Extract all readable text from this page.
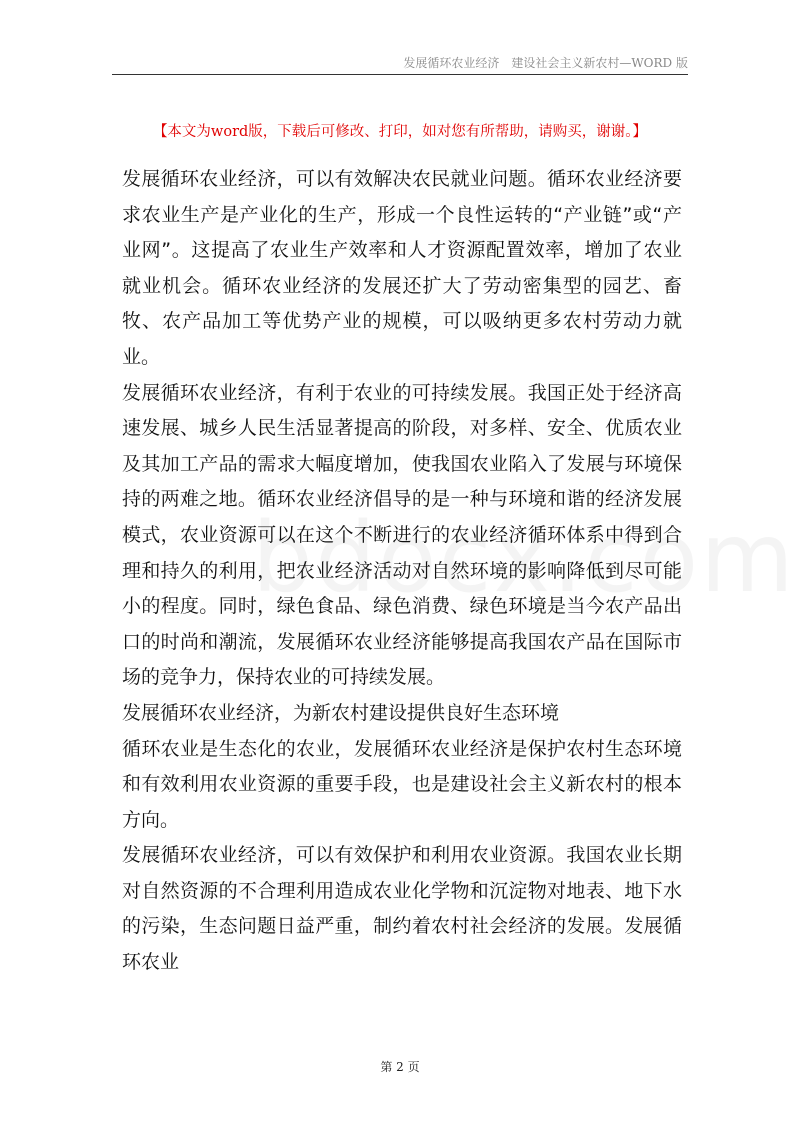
发展循环农业经济　建设社会主义新农村—WORD 版
【本文为word版，下载后可修改、打印，如对您有所帮助，请购买，谢谢。】

发展循环农业经济，可以有效解决农民就业问题。循环农业经济要求农业生产是产业化的生产，形成一个良性运转的“产业链”或“产业网”。这提高了农业生产效率和人才资源配置效率，增加了农业就业机会。循环农业经济的发展还扩大了劳动密集型的园艺、畜牧、农产品加工等优势产业的规模，可以吸纳更多农村劳动力就业。

发展循环农业经济，有利于农业的可持续发展。我国正处于经济高速发展、城乡人民生活显著提高的阶段，对多样、安全、优质农业及其加工产品的需求大幅度增加，使我国农业陷入了发展与环境保持的两难之地。循环农业经济倡导的是一种与环境和谐的经济发展模式，农业资源可以在这个不断进行的农业经济循环体系中得到合理和持久的利用，把农业经济活动对自然环境的影响降低到尽可能小的程度。同时，绿色食品、绿色消费、绿色环境是当今农产品出口的时尚和潮流，发展循环农业经济能够提高我国农产品在国际市场的竞争力，保持农业的可持续发展。

发展循环农业经济，为新农村建设提供良好生态环境

循环农业是生态化的农业，发展循环农业经济是保护农村生态环境和有效利用农业资源的重要手段，也是建设社会主义新农村的根本方向。

发展循环农业经济，可以有效保护和利用农业资源。我国农业长期对自然资源的不合理利用造成农业化学物和沉淀物对地表、地下水的污染，生态问题日益严重，制约着农村社会经济的发展。发展循环农业

第 2 页
